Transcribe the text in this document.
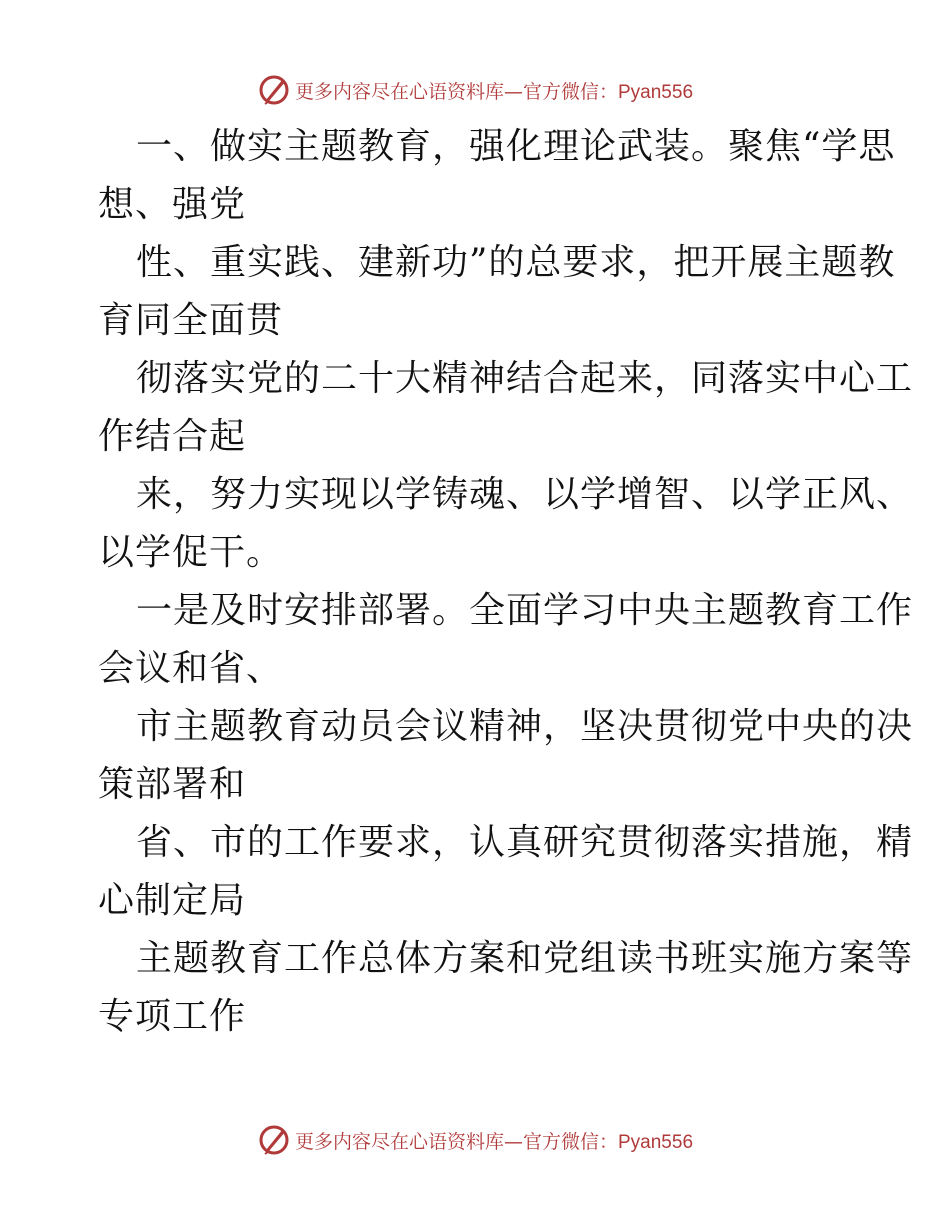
更多内容尽在心语资料库—官方微信：Pyan556
一、做实主题教育，强化理论武装。聚焦“学思
想、强党
性、重实践、建新功”的总要求，把开展主题教
育同全面贯
彻落实党的二十大精神结合起来，同落实中心工
作结合起
来，努力实现以学铸魂、以学增智、以学正风、
以学促干。
一是及时安排部署。全面学习中央主题教育工作
会议和省、
市主题教育动员会议精神，坚决贯彻党中央的决
策部署和
省、市的工作要求，认真研究贯彻落实措施，精
心制定局
主题教育工作总体方案和党组读书班实施方案等
专项工作
更多内容尽在心语资料库—官方微信：Pyan556
